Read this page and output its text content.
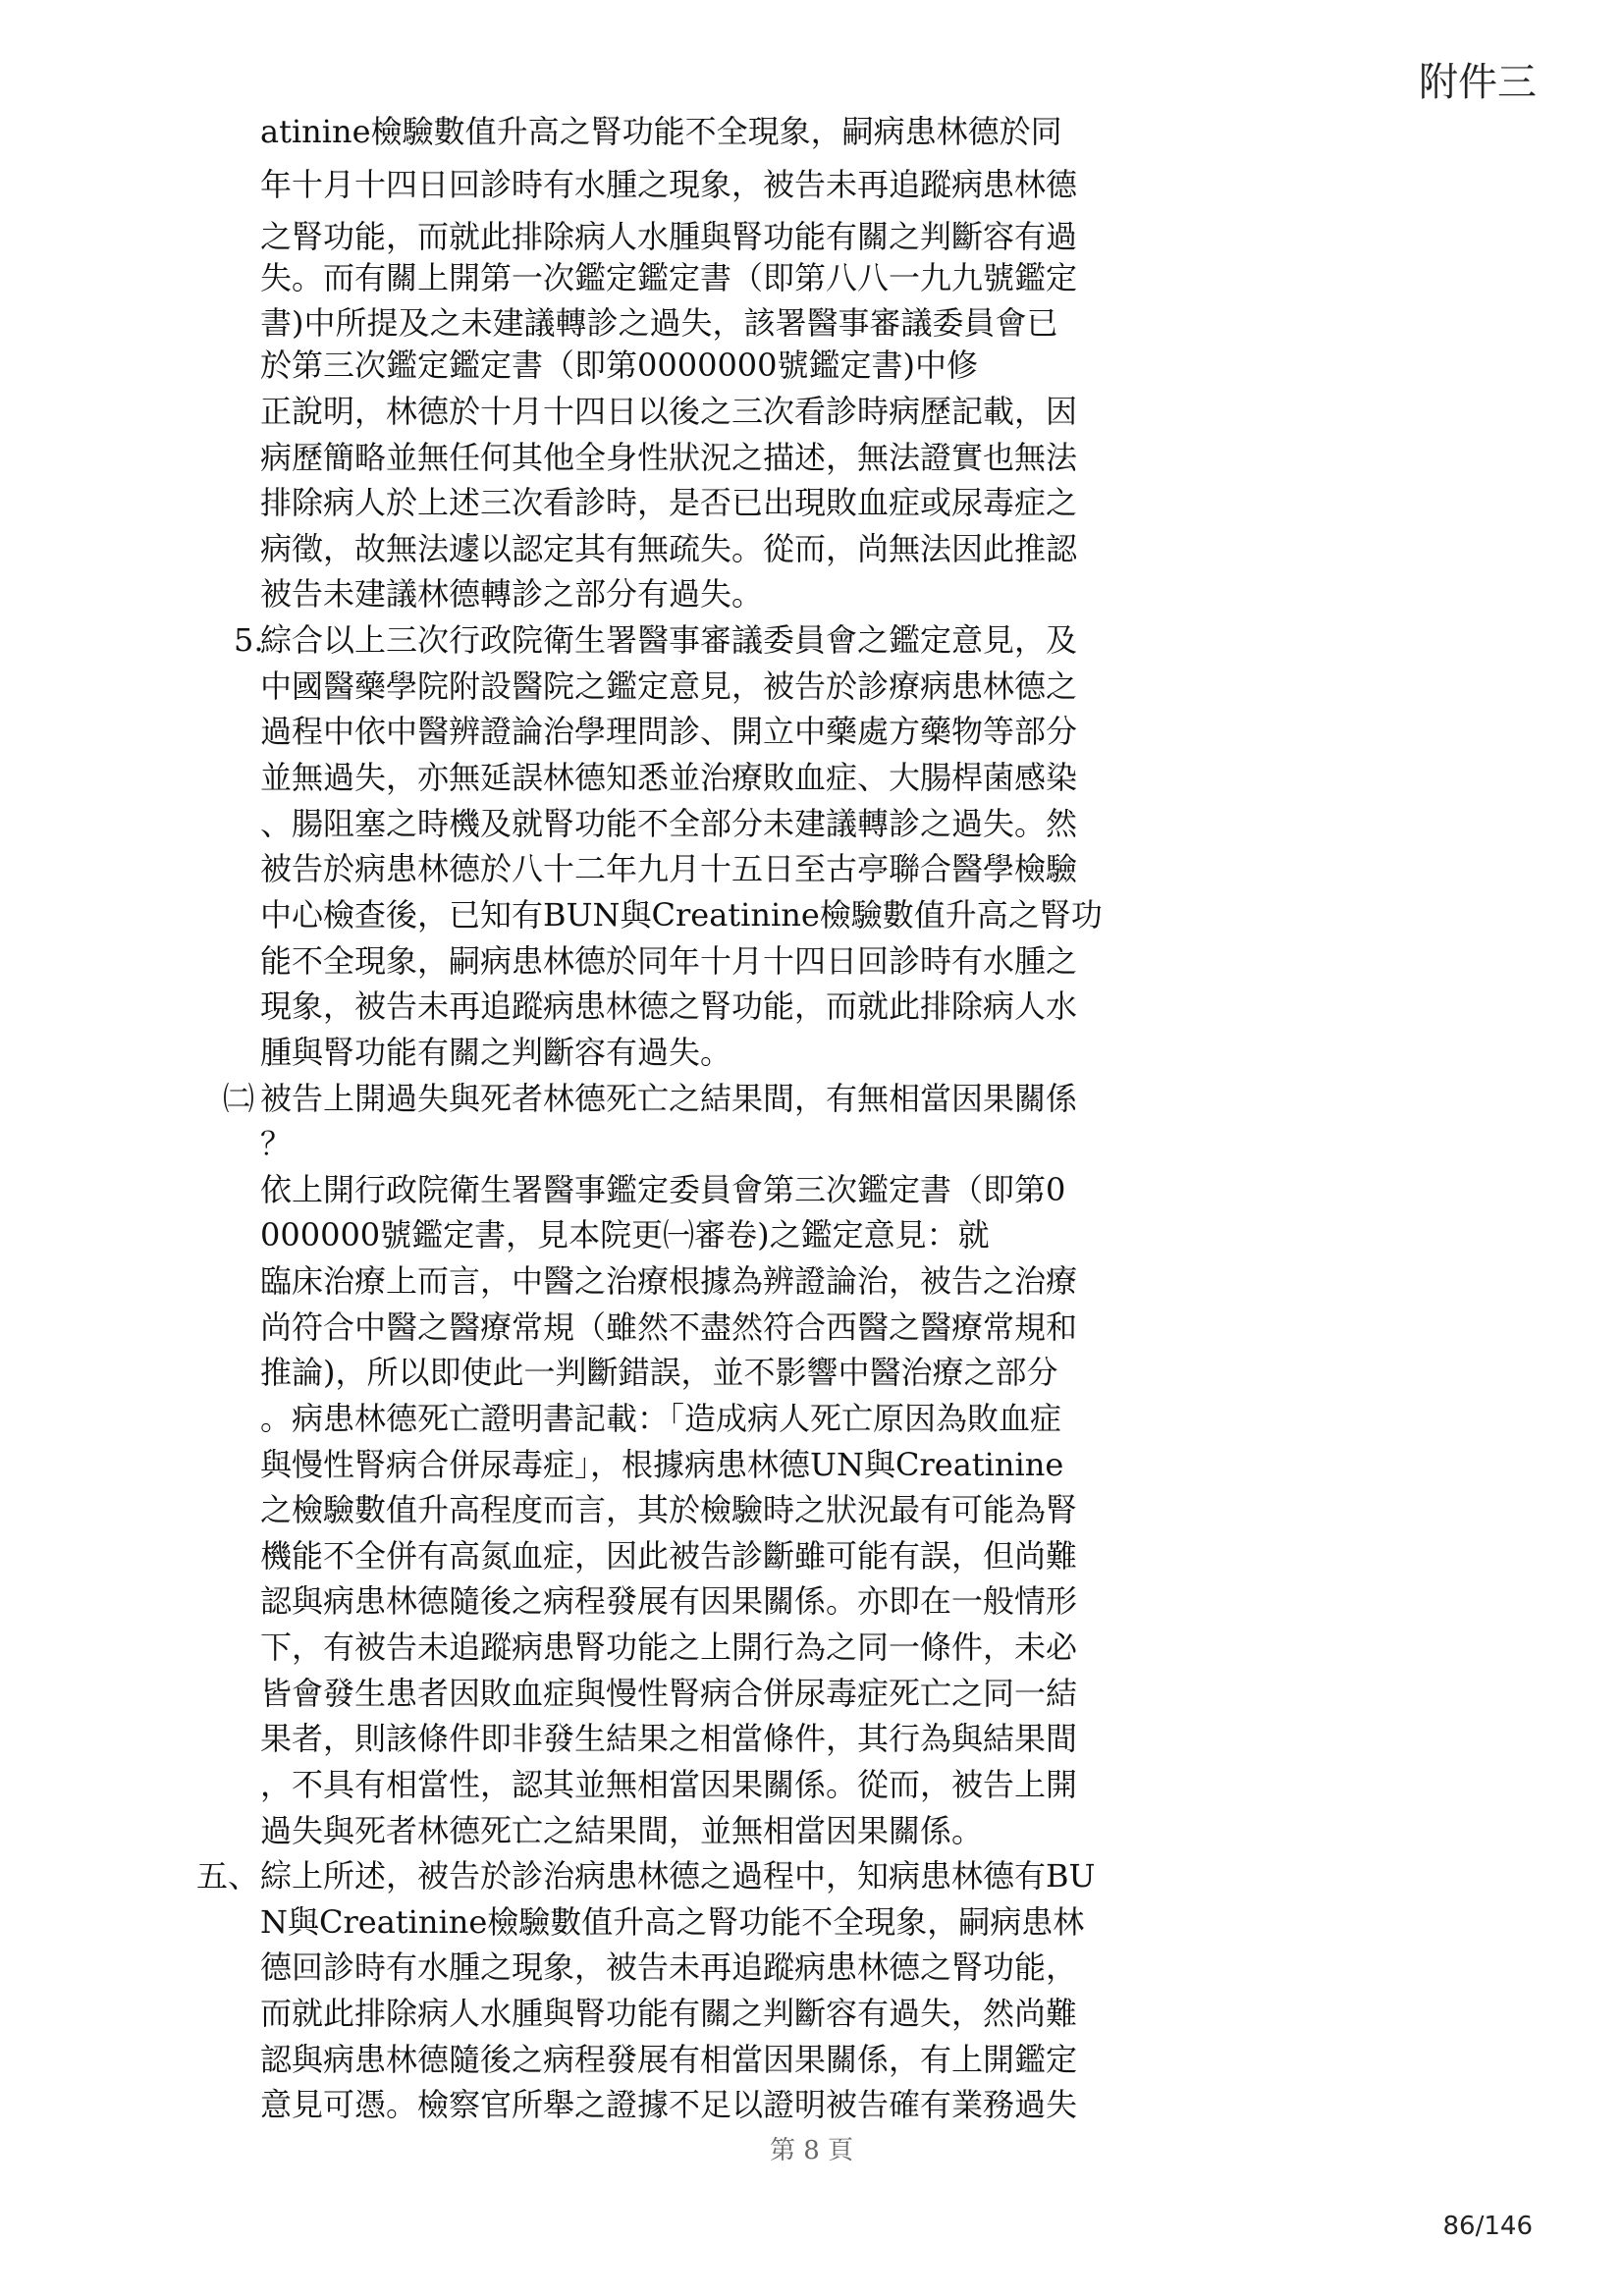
附件三
atinine檢驗數值升高之腎功能不全現象，嗣病患林德於同
年十月十四日回診時有水腫之現象，被告未再追蹤病患林德
之腎功能，而就此排除病人水腫與腎功能有關之判斷容有過
失。而有關上開第一次鑑定鑑定書（即第八八一九九號鑑定
書)中所提及之未建議轉診之過失，該署醫事審議委員會已
於第三次鑑定鑑定書（即第0000000號鑑定書)中修
正說明，林德於十月十四日以後之三次看診時病歷記載，因
病歷簡略並無任何其他全身性狀況之描述，無法證實也無法
排除病人於上述三次看診時，是否已出現敗血症或尿毒症之
病徵，故無法遽以認定其有無疏失。從而，尚無法因此推認
被告未建議林德轉診之部分有過失。
5.
綜合以上三次行政院衛生署醫事審議委員會之鑑定意見，及
中國醫藥學院附設醫院之鑑定意見，被告於診療病患林德之
過程中依中醫辨證論治學理問診、開立中藥處方藥物等部分
並無過失，亦無延誤林德知悉並治療敗血症、大腸桿菌感染
、腸阻塞之時機及就腎功能不全部分未建議轉診之過失。然
被告於病患林德於八十二年九月十五日至古亭聯合醫學檢驗
中心檢查後，已知有BUN與Creatinine檢驗數值升高之腎功
能不全現象，嗣病患林德於同年十月十四日回診時有水腫之
現象，被告未再追蹤病患林德之腎功能，而就此排除病人水
腫與腎功能有關之判斷容有過失。
㈡ 被告上開過失與死者林德死亡之結果間，有無相當因果關係
？
依上開行政院衛生署醫事鑑定委員會第三次鑑定書（即第0
000000號鑑定書，見本院更㈠審卷)之鑑定意見：就
臨床治療上而言，中醫之治療根據為辨證論治，被告之治療
尚符合中醫之醫療常規（雖然不盡然符合西醫之醫療常規和
推論)，所以即使此一判斷錯誤，並不影響中醫治療之部分
。病患林德死亡證明書記載：「造成病人死亡原因為敗血症
與慢性腎病合併尿毒症」，根據病患林德UN與Creatinine
之檢驗數值升高程度而言，其於檢驗時之狀況最有可能為腎
機能不全併有高氮血症，因此被告診斷雖可能有誤，但尚難
認與病患林德隨後之病程發展有因果關係。亦即在一般情形
下，有被告未追蹤病患腎功能之上開行為之同一條件，未必
皆會發生患者因敗血症與慢性腎病合併尿毒症死亡之同一結
果者，則該條件即非發生結果之相當條件，其行為與結果間
，不具有相當性，認其並無相當因果關係。從而，被告上開
過失與死者林德死亡之結果間，並無相當因果關係。
五、 綜上所述，被告於診治病患林德之過程中，知病患林德有BU
N與Creatinine檢驗數值升高之腎功能不全現象，嗣病患林
德回診時有水腫之現象，被告未再追蹤病患林德之腎功能，
而就此排除病人水腫與腎功能有關之判斷容有過失，然尚難
認與病患林德隨後之病程發展有相當因果關係，有上開鑑定
意見可憑。檢察官所舉之證據不足以證明被告確有業務過失
第 8 頁
86/146
